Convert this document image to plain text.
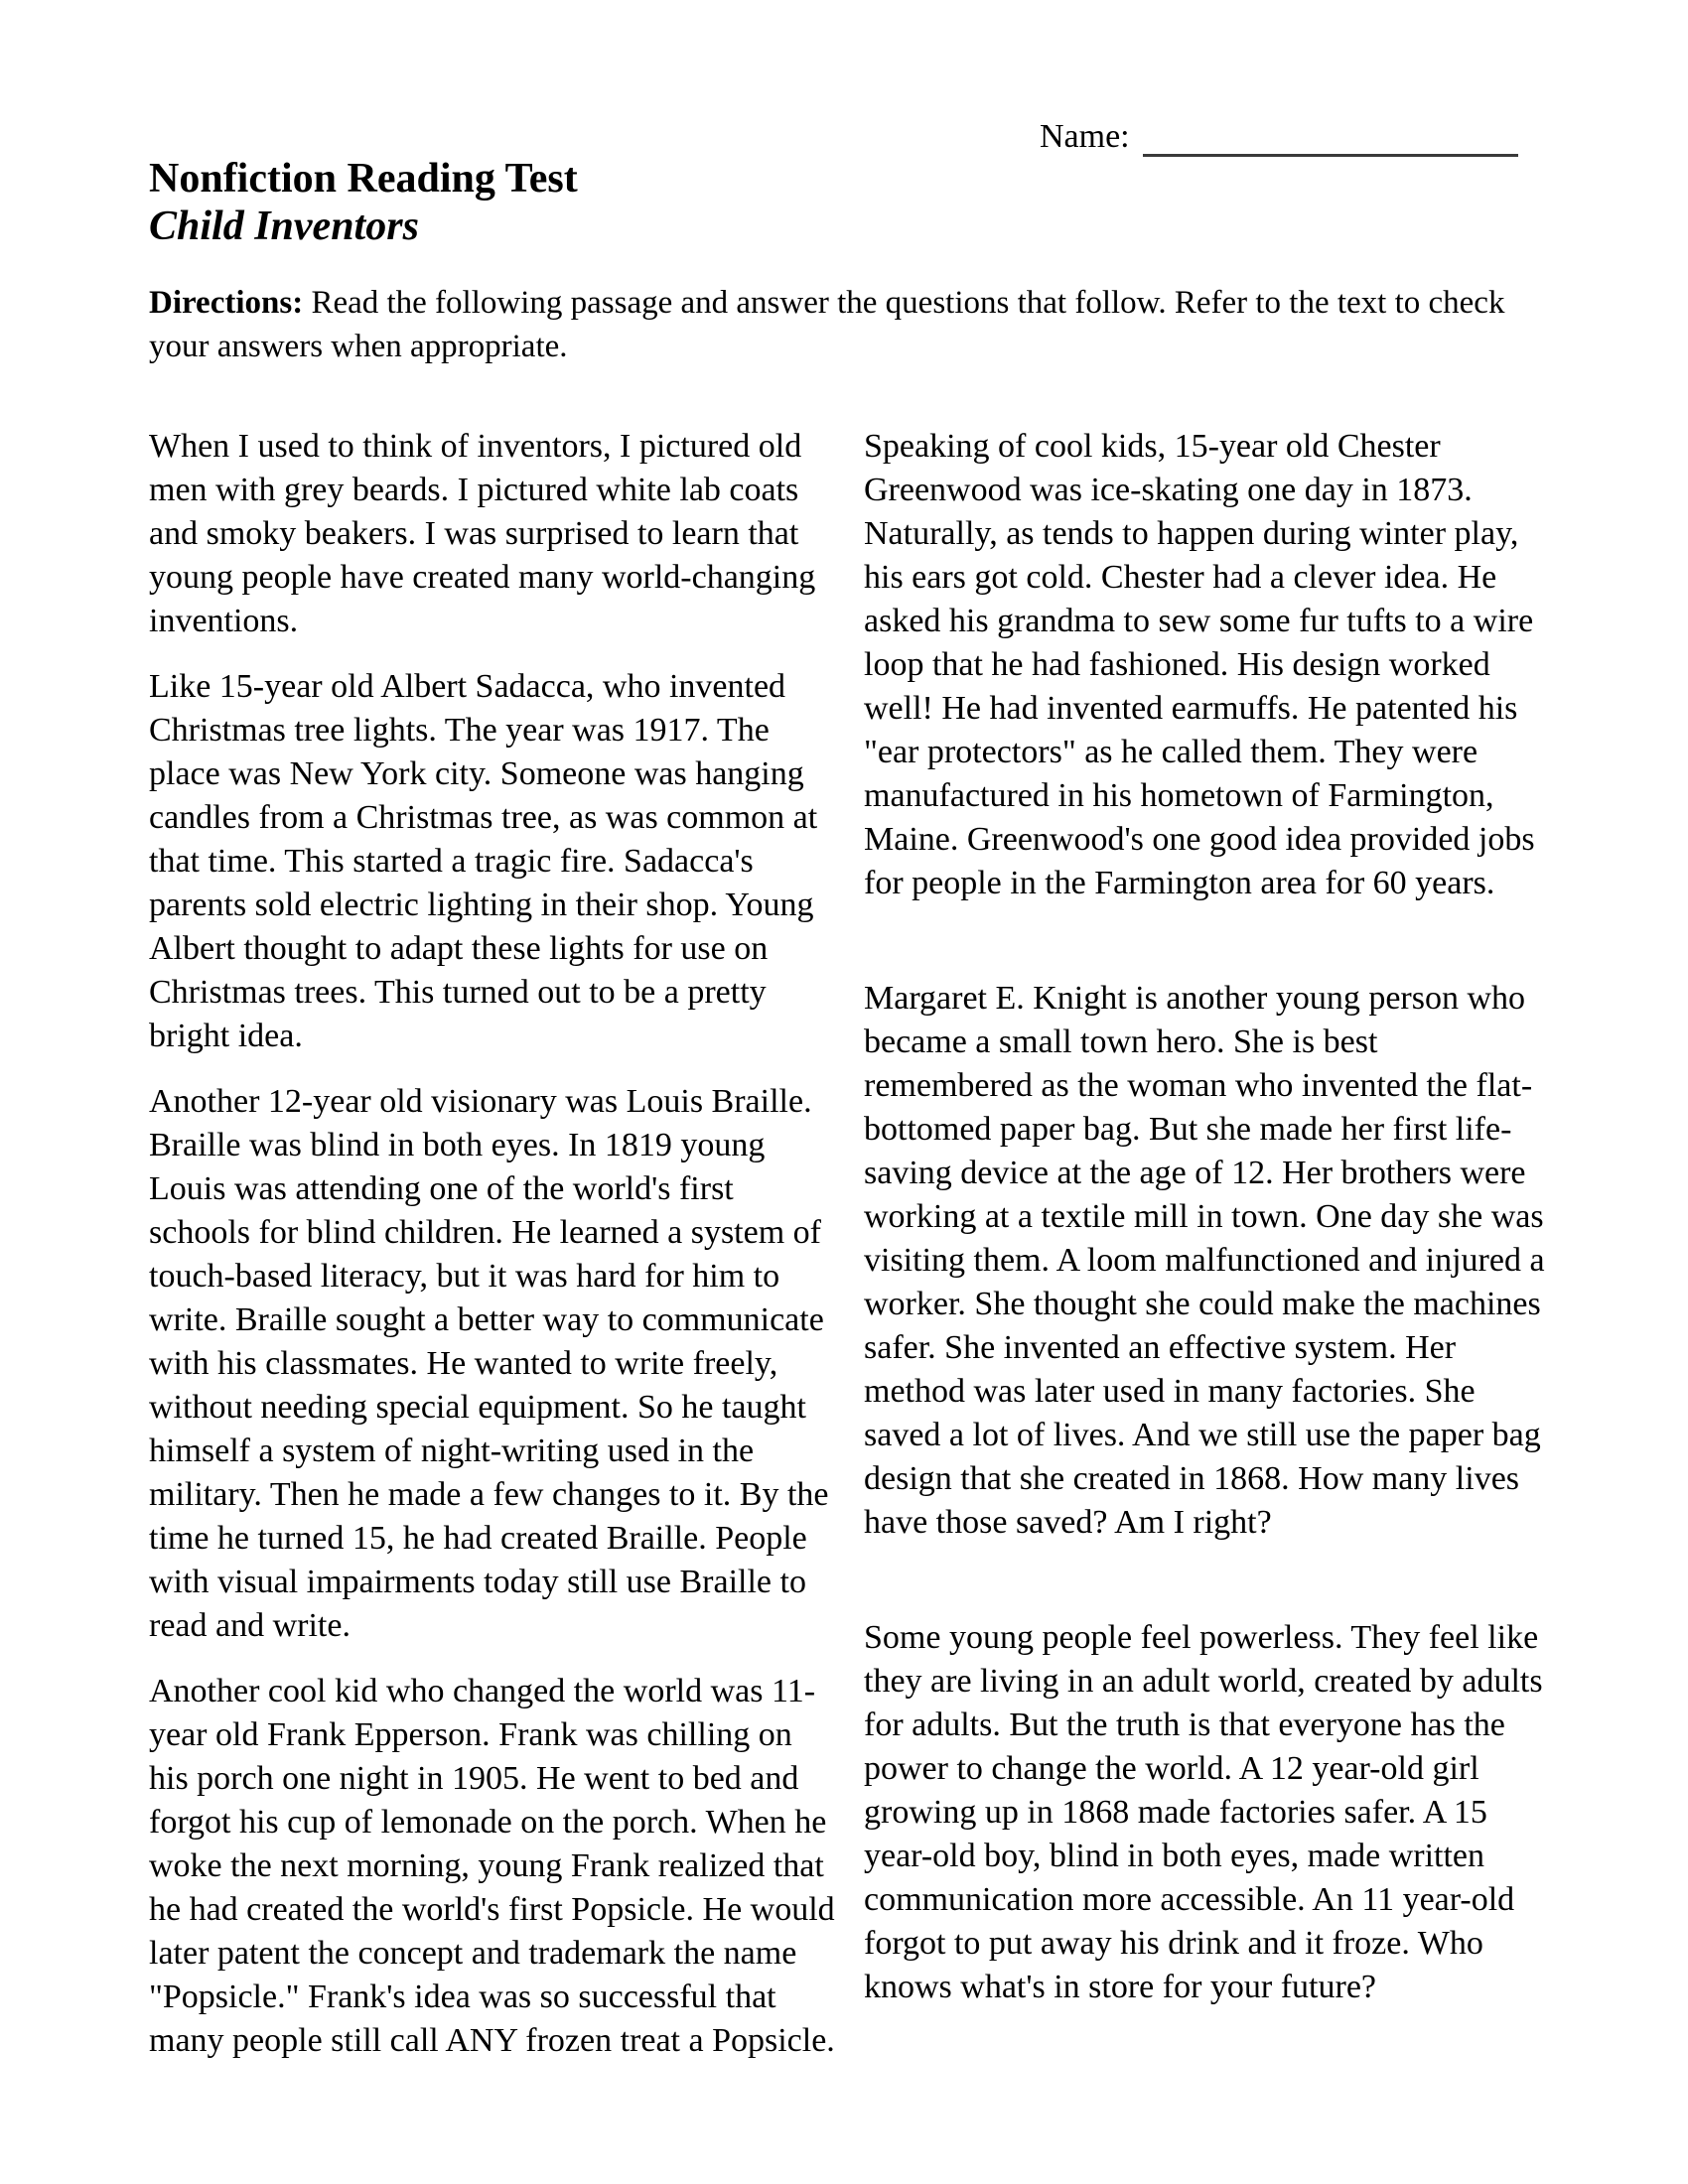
Name:
Nonfiction Reading Test
Child Inventors

Directions: Read the following passage and answer the questions that follow. Refer to the text to check your answers when appropriate.

When I used to think of inventors, I pictured old men with grey beards. I pictured white lab coats and smoky beakers. I was surprised to learn that young people have created many world-changing inventions.

Like 15-year old Albert Sadacca, who invented Christmas tree lights. The year was 1917. The place was New York city. Someone was hanging candles from a Christmas tree, as was common at that time. This started a tragic fire. Sadacca's parents sold electric lighting in their shop. Young Albert thought to adapt these lights for use on Christmas trees. This turned out to be a pretty bright idea.

Another 12-year old visionary was Louis Braille. Braille was blind in both eyes. In 1819 young Louis was attending one of the world's first schools for blind children. He learned a system of touch-based literacy, but it was hard for him to write. Braille sought a better way to communicate with his classmates. He wanted to write freely, without needing special equipment. So he taught himself a system of night-writing used in the military. Then he made a few changes to it. By the time he turned 15, he had created Braille. People with visual impairments today still use Braille to read and write.

Another cool kid who changed the world was 11-year old Frank Epperson. Frank was chilling on his porch one night in 1905. He went to bed and forgot his cup of lemonade on the porch. When he woke the next morning, young Frank realized that he had created the world's first Popsicle. He would later patent the concept and trademark the name "Popsicle." Frank's idea was so successful that many people still call ANY frozen treat a Popsicle.

Speaking of cool kids, 15-year old Chester Greenwood was ice-skating one day in 1873. Naturally, as tends to happen during winter play, his ears got cold. Chester had a clever idea. He asked his grandma to sew some fur tufts to a wire loop that he had fashioned. His design worked well! He had invented earmuffs. He patented his "ear protectors" as he called them. They were manufactured in his hometown of Farmington, Maine. Greenwood's one good idea provided jobs for people in the Farmington area for 60 years.

Margaret E. Knight is another young person who became a small town hero. She is best remembered as the woman who invented the flat-bottomed paper bag. But she made her first life-saving device at the age of 12. Her brothers were working at a textile mill in town. One day she was visiting them. A loom malfunctioned and injured a worker. She thought she could make the machines safer. She invented an effective system. Her method was later used in many factories. She saved a lot of lives. And we still use the paper bag design that she created in 1868. How many lives have those saved? Am I right?

Some young people feel powerless. They feel like they are living in an adult world, created by adults for adults. But the truth is that everyone has the power to change the world. A 12 year-old girl growing up in 1868 made factories safer. A 15 year-old boy, blind in both eyes, made written communication more accessible. An 11 year-old forgot to put away his drink and it froze. Who knows what's in store for your future?
